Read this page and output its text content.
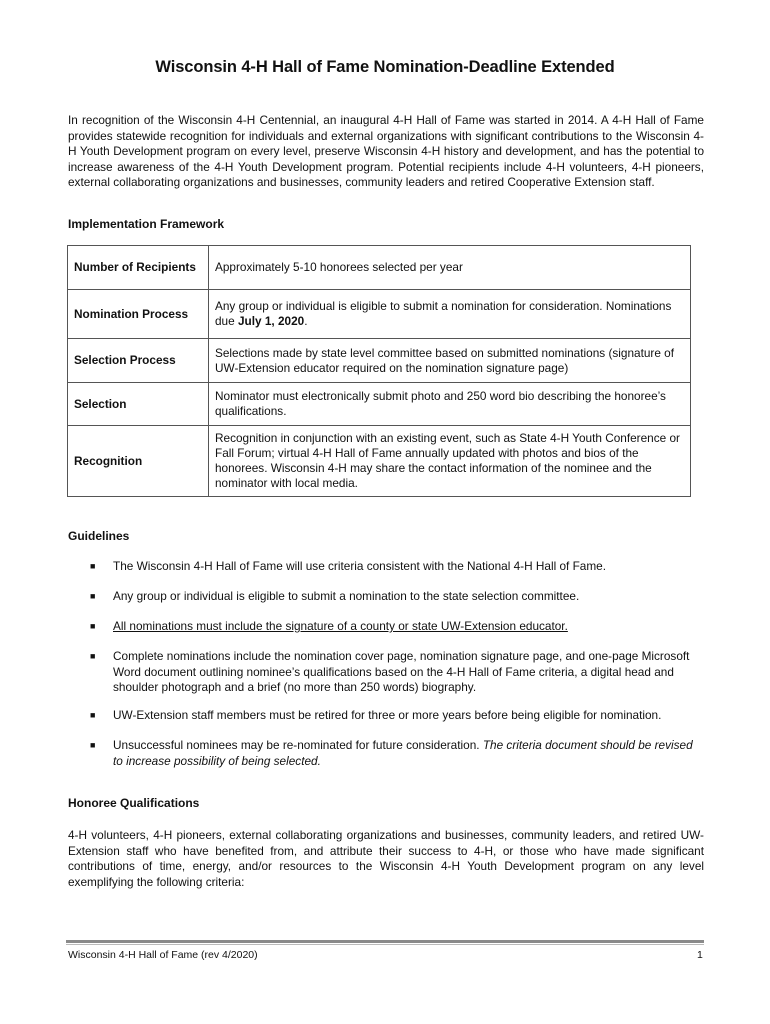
Wisconsin 4-H Hall of Fame Nomination-Deadline Extended
In recognition of the Wisconsin 4-H Centennial, an inaugural 4-H Hall of Fame was started in 2014. A 4-H Hall of Fame provides statewide recognition for individuals and external organizations with significant contributions to the Wisconsin 4-H Youth Development program on every level, preserve Wisconsin 4-H history and development, and has the potential to increase awareness of the 4-H Youth Development program. Potential recipients include 4-H volunteers, 4-H pioneers, external collaborating organizations and businesses, community leaders and retired Cooperative Extension staff.
Implementation Framework
Number of Recipients	Approximately 5-10 honorees selected per year
Nomination Process	Any group or individual is eligible to submit a nomination for consideration. Nominations due July 1, 2020.
Selection Process	Selections made by state level committee based on submitted nominations (signature of UW-Extension educator required on the nomination signature page)
Selection	Nominator must electronically submit photo and 250 word bio describing the honoree’s qualifications.
Recognition	Recognition in conjunction with an existing event, such as State 4-H Youth Conference or Fall Forum; virtual 4-H Hall of Fame annually updated with photos and bios of the honorees. Wisconsin 4-H may share the contact information of the nominee and the nominator with local media.
Guidelines
■ The Wisconsin 4-H Hall of Fame will use criteria consistent with the National 4-H Hall of Fame.
■ Any group or individual is eligible to submit a nomination to the state selection committee.
■ All nominations must include the signature of a county or state UW-Extension educator.
■ Complete nominations include the nomination cover page, nomination signature page, and one-page Microsoft Word document outlining nominee’s qualifications based on the 4-H Hall of Fame criteria, a digital head and shoulder photograph and a brief (no more than 250 words) biography.
■ UW-Extension staff members must be retired for three or more years before being eligible for nomination.
■ Unsuccessful nominees may be re-nominated for future consideration. The criteria document should be revised to increase possibility of being selected.
Honoree Qualifications
4-H volunteers, 4-H pioneers, external collaborating organizations and businesses, community leaders, and retired UW-Extension staff who have benefited from, and attribute their success to 4-H, or those who have made significant contributions of time, energy, and/or resources to the Wisconsin 4-H Youth Development program on any level exemplifying the following criteria:
Wisconsin 4-H Hall of Fame (rev 4/2020)	1
